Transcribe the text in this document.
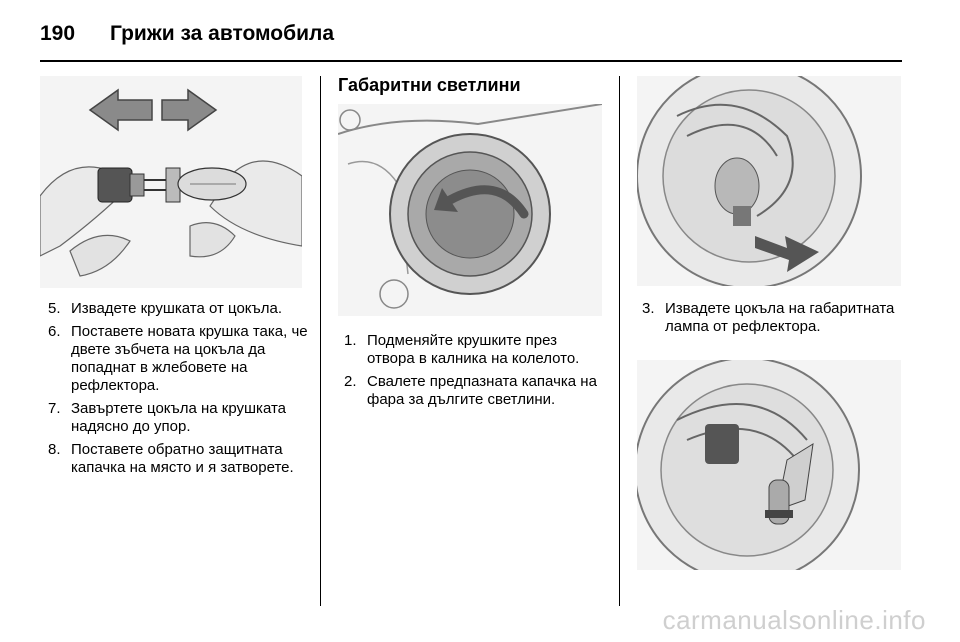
190	Грижи за автомобила
5. Извадете крушката от цокъла.
6. Поставете новата крушка така, че двете зъбчета на цокъла да попаднат в жлебовете на рефлектора.
7. Завъртете цокъла на крушката надясно до упор.
8. Поставете обратно защитната капачка на място и я затворете.
Габаритни светлини
1. Подменяйте крушките през отвора в калника на колелото.
2. Свалете предпазната капачка на фара за дългите светлини.
3. Извадете цокъла на габаритната лампа от рефлектора.
carmanualsonline.info
